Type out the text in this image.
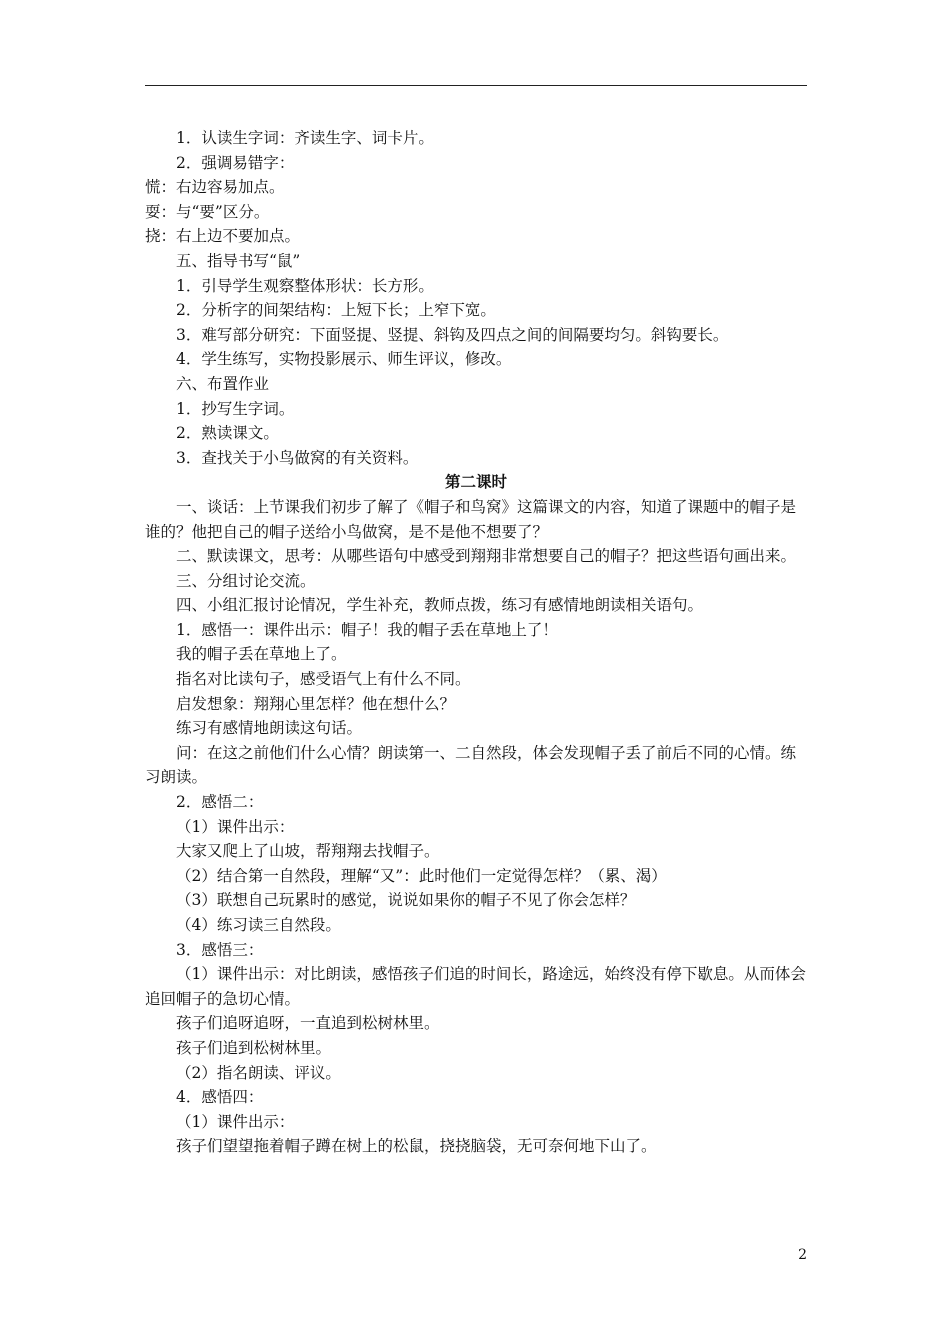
1．认读生字词：齐读生字、词卡片。

2．强调易错字：

慌：右边容易加点。

耍：与“要”区分。

挠：右上边不要加点。

五、指导书写“鼠”

1．引导学生观察整体形状：长方形。

2．分析字的间架结构：上短下长；上窄下宽。

3．难写部分研究：下面竖提、竖提、斜钩及四点之间的间隔要均匀。斜钩要长。

4．学生练写，实物投影展示、师生评议，修改。

六、布置作业

1．抄写生字词。

2．熟读课文。

3．查找关于小鸟做窝的有关资料。

第二课时

一、谈话：上节课我们初步了解了《帽子和鸟窝》这篇课文的内容，知道了课题中的帽子是谁的？他把自己的帽子送给小鸟做窝，是不是他不想要了？

二、默读课文，思考：从哪些语句中感受到翔翔非常想要自己的帽子？把这些语句画出来。

三、分组讨论交流。

四、小组汇报讨论情况，学生补充，教师点拨，练习有感情地朗读相关语句。

1．感悟一：课件出示：帽子！我的帽子丢在草地上了！

我的帽子丢在草地上了。

指名对比读句子，感受语气上有什么不同。

启发想象：翔翔心里怎样？他在想什么？

练习有感情地朗读这句话。

问：在这之前他们什么心情？朗读第一、二自然段，体会发现帽子丢了前后不同的心情。练习朗读。

2．感悟二：

（1）课件出示：

大家又爬上了山坡，帮翔翔去找帽子。

（2）结合第一自然段，理解“又”：此时他们一定觉得怎样？（累、渴）

（3）联想自己玩累时的感觉，说说如果你的帽子不见了你会怎样？

（4）练习读三自然段。

3．感悟三：

（1）课件出示：对比朗读，感悟孩子们追的时间长，路途远，始终没有停下歇息。从而体会追回帽子的急切心情。

孩子们追呀追呀，一直追到松树林里。

孩子们追到松树林里。

（2）指名朗读、评议。

4．感悟四：

（1）课件出示：

孩子们望望拖着帽子蹲在树上的松鼠，挠挠脑袋，无可奈何地下山了。

2
